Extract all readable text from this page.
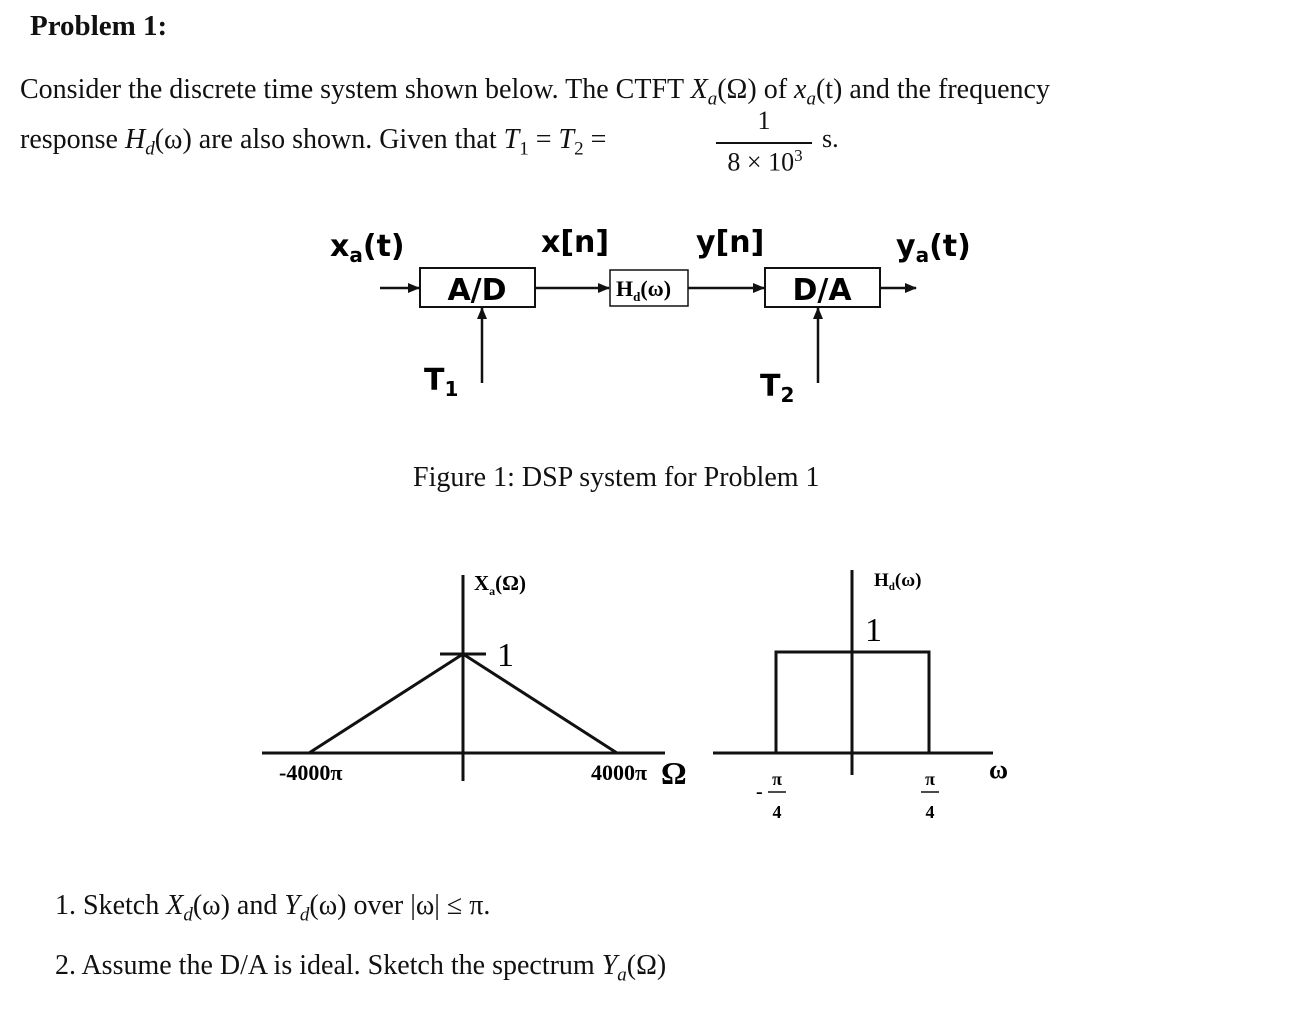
Problem 1:
Consider the discrete time system shown below. The CTFT $X_a(\Omega)$ of $x_a(t)$ and the frequency
response $H_d(\omega)$ are also shown. Given that $T_1 = T_2$ =
1
$8 \times 10^3$
s.
$x_a(t)$	x[n]	y[n]	$y_a(t)$
A/D	$H_d(\omega)$	D/A
$T_1$	$T_2$
$X_a(\Omega)$
1
-4000π	4000π Ω
$H_d(\omega)$
1
-
π
4
π
4
ω
Figure 1: DSP system for Problem 1
1. Sketch $X_d(\omega)$ and $Y_d(\omega)$ over |ω| ≤ π.
2. Assume the D/A is ideal. Sketch the spectrum $Y_a(\Omega)$
